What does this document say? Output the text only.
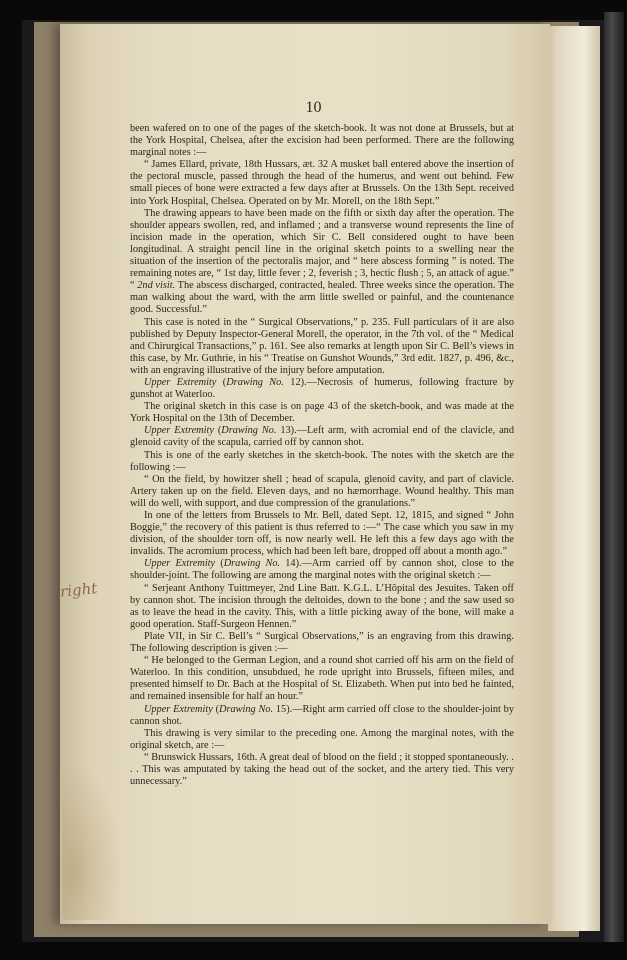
right
10

been wafered on to one of the pages of the sketch-book. It was not done at Brussels, but at the York Hospital, Chelsea, after the excision had been performed. There are the following marginal notes :—

“ James Ellard, private, 18th Hussars, æt. 32 A musket ball entered above the insertion of the pectoral muscle, passed through the head of the humerus, and went out behind. Few small pieces of bone were extracted a few days after at Brussels. On the 13th Sept. received into York Hospital, Chelsea. Operated on by Mr. Morell, on the 18th Sept.”

The drawing appears to have been made on the fifth or sixth day after the operation. The shoulder appears swollen, red, and inflamed ; and a transverse wound represents the line of incision made in the operation, which Sir C. Bell considered ought to have been longitudinal. A straight pencil line in the original sketch points to a swelling near the situation of the insertion of the pectoralis major, and “ here abscess forming ” is noted. The remaining notes are, “ 1st day, little fever ; 2, feverish ; 3, hectic flush ; 5, an attack of ague.” “ 2nd visit. The abscess discharged, contracted, healed. Three weeks since the operation. The man walking about the ward, with the arm little swelled or painful, and the countenance good. Successful.”

This case is noted in the “ Surgical Observations,” p. 235. Full particulars of it are also published by Deputy Inspector-General Morell, the operator, in the 7th vol. of the “ Medical and Chirurgical Transactions,” p. 161. See also remarks at length upon Sir C. Bell’s views in this case, by Mr. Guthrie, in his “ Treatise on Gunshot Wounds,” 3rd edit. 1827, p. 496, &c., with an engraving illustrative of the injury before amputation.

Upper Extremity (Drawing No. 12).—Necrosis of humerus, following fracture by gunshot at Waterloo.

The original sketch in this case is on page 43 of the sketch-book, and was made at the York Hospital on the 13th of December.

Upper Extremity (Drawing No. 13).—Left arm, with acromial end of the clavicle, and glenoid cavity of the scapula, carried off by cannon shot.

This is one of the early sketches in the sketch-book. The notes with the sketch are the following :—

“ On the field, by howitzer shell ; head of scapula, glenoid cavity, and part of clavicle. Artery taken up on the field. Eleven days, and no hæmorrhage. Wound healthy. This man will do well, with support, and due compression of the granulations.”

In one of the letters from Brussels to Mr. Bell, dated Sept. 12, 1815, and signed “ John Boggie,” the recovery of this patient is thus referred to :—“ The case which you saw in my division, of the shoulder torn off, is now nearly well. He left this a few days ago with the invalids. The acromium process, which had been left bare, dropped off about a month ago.”

Upper Extremity (Drawing No. 14).—Arm carried off by cannon shot, close to the shoulder-joint. The following are among the marginal notes with the original sketch :—

“ Serjeant Anthony Tuittmeyer, 2nd Line Batt. K.G.L. L’Hôpital des Jesuites. Taken off by cannon shot. The incision through the deltoides, down to the bone ; and the saw used so as to leave the head in the cavity. This, with a little picking away of the bone, will make a good operation. Staff-Surgeon Hennen.”

Plate VII, in Sir C. Bell’s “ Surgical Observations,” is an engraving from this drawing. The following description is given :—

“ He belonged to the German Legion, and a round shot carried off his arm on the field of Waterloo. In this condition, unsubdued, he rode upright into Brussels, fifteen miles, and presented himself to Dr. Bach at the Hospital of St. Elizabeth. When put into bed he fainted, and remained insensible for half an hour.”

Upper Extremity (Drawing No. 15).—Right arm carried off close to the shoulder-joint by cannon shot.

This drawing is very similar to the preceding one. Among the marginal notes, with the original sketch, are :—

“ Brunswick Hussars, 16th. A great deal of blood on the field ; it stopped spontaneously. . . . This was amputated by taking the head out of the socket, and the artery tied. This very unnecessary.”
